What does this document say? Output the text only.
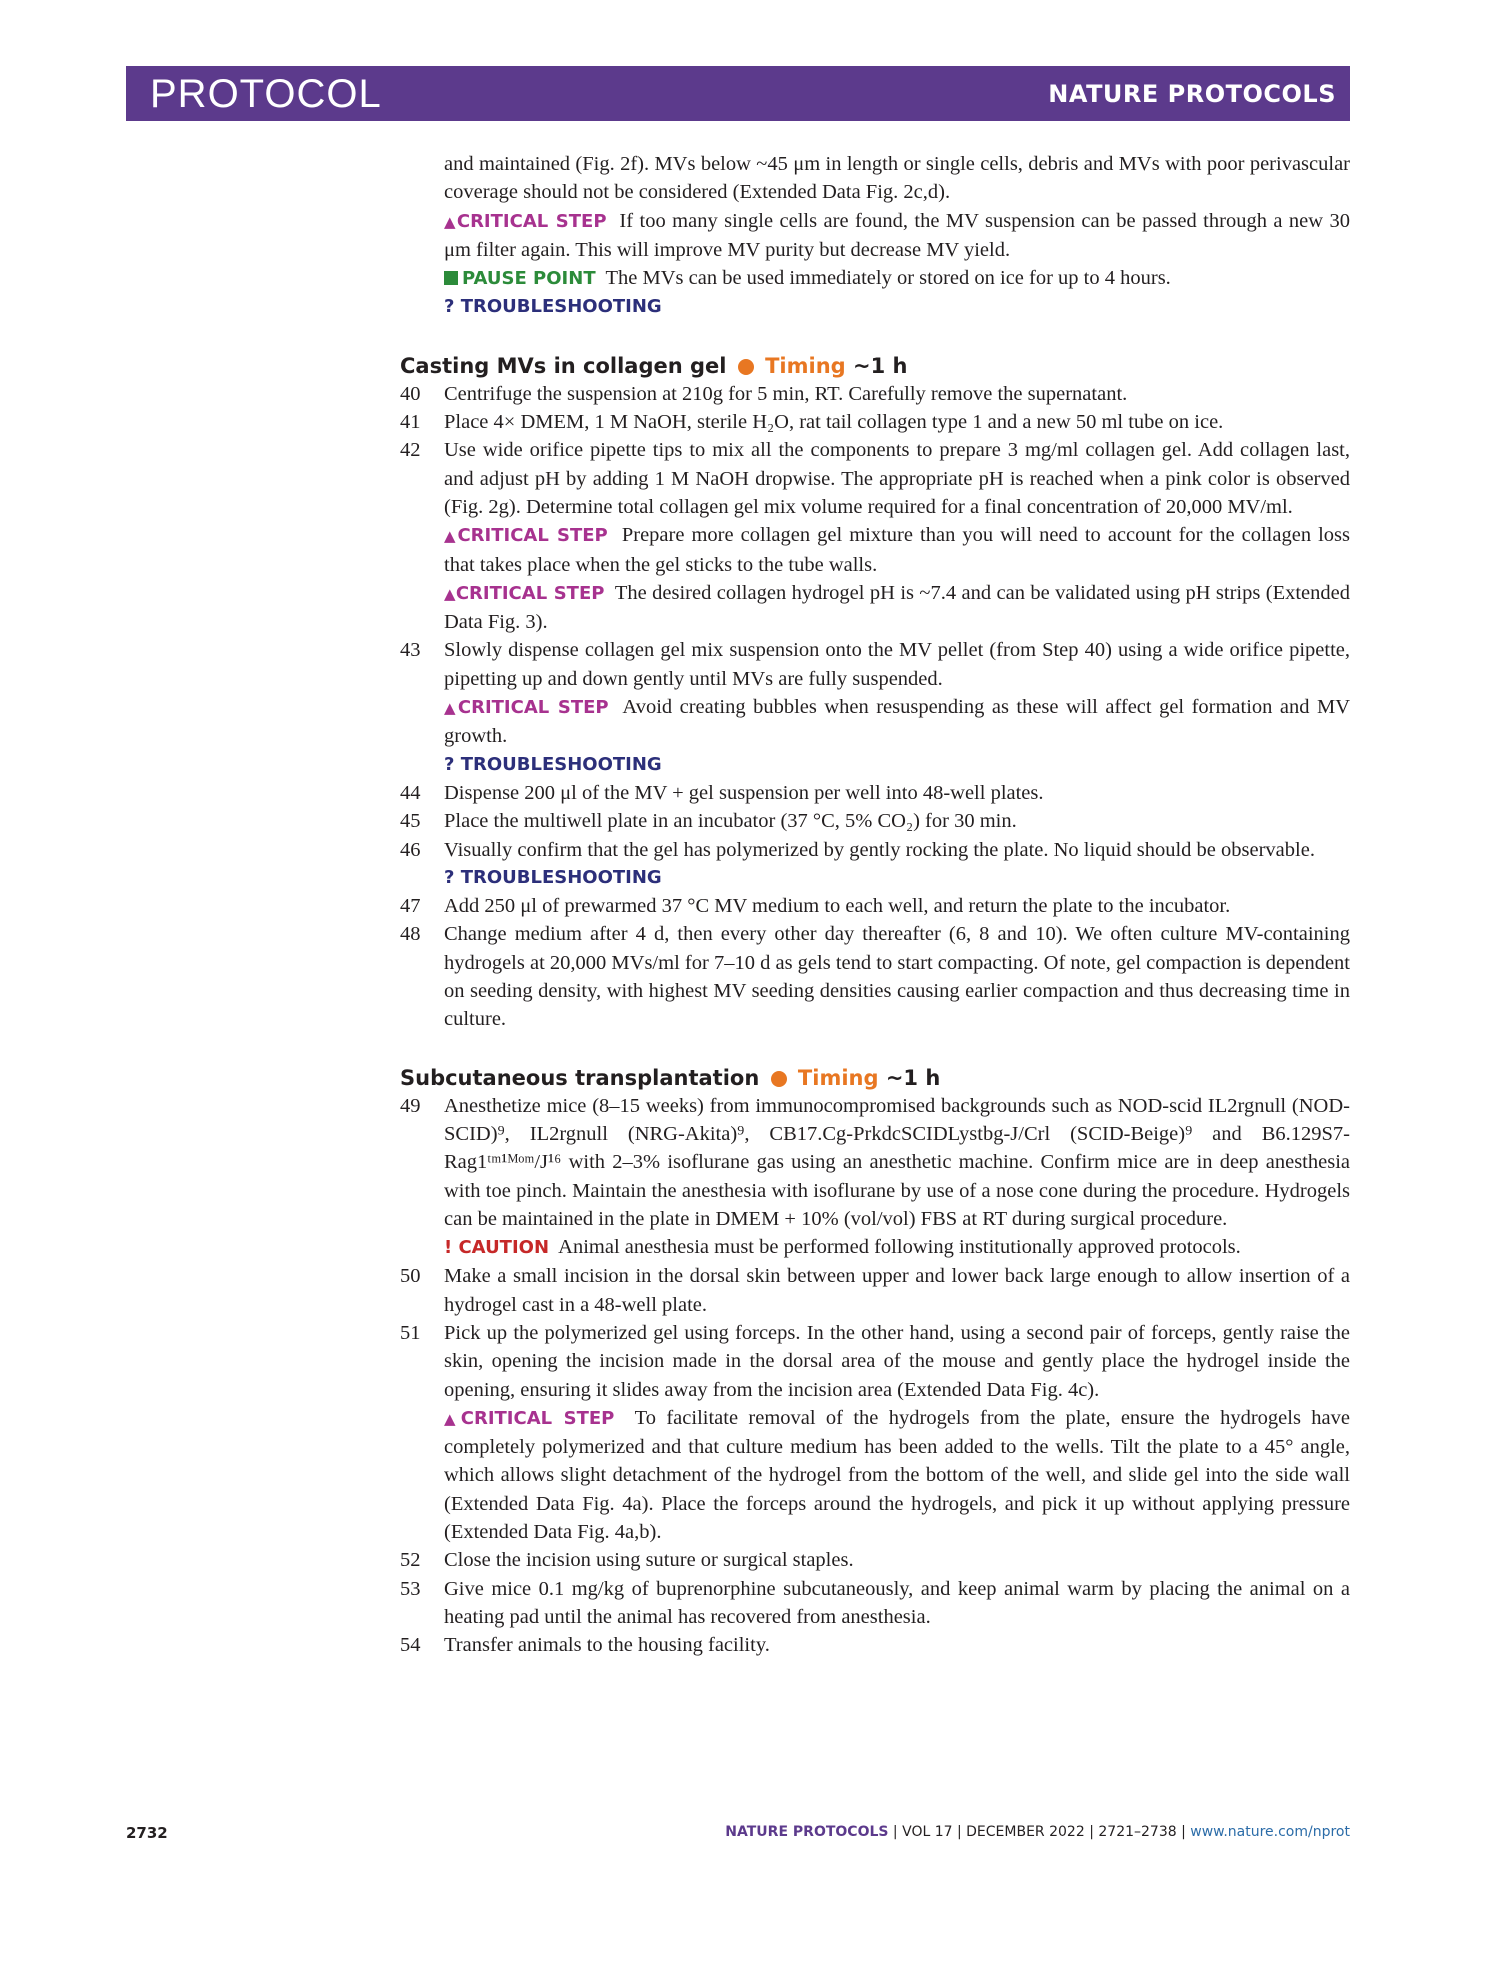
PROTOCOL	NATURE PROTOCOLS
and maintained (Fig. 2f). MVs below ~45 μm in length or single cells, debris and MVs with poor perivascular coverage should not be considered (Extended Data Fig. 2c,d).
▲CRITICAL STEP If too many single cells are found, the MV suspension can be passed through a new 30 μm filter again. This will improve MV purity but decrease MV yield.
PAUSE POINT The MVs can be used immediately or stored on ice for up to 4 hours.
? TROUBLESHOOTING
Casting MVs in collagen gel Timing ~1 h
40 Centrifuge the suspension at 210g for 5 min, RT. Carefully remove the supernatant.
41 Place 4× DMEM, 1 M NaOH, sterile H₂O, rat tail collagen type 1 and a new 50 ml tube on ice.
42 Use wide orifice pipette tips to mix all the components to prepare 3 mg/ml collagen gel. Add collagen last, and adjust pH by adding 1 M NaOH dropwise. The appropriate pH is reached when a pink color is observed (Fig. 2g). Determine total collagen gel mix volume required for a final concentration of 20,000 MV/ml.
▲CRITICAL STEP Prepare more collagen gel mixture than you will need to account for the collagen loss that takes place when the gel sticks to the tube walls.
▲CRITICAL STEP The desired collagen hydrogel pH is ~7.4 and can be validated using pH strips (Extended Data Fig. 3).
43 Slowly dispense collagen gel mix suspension onto the MV pellet (from Step 40) using a wide orifice pipette, pipetting up and down gently until MVs are fully suspended.
▲CRITICAL STEP Avoid creating bubbles when resuspending as these will affect gel formation and MV growth.
? TROUBLESHOOTING
44 Dispense 200 μl of the MV + gel suspension per well into 48-well plates.
45 Place the multiwell plate in an incubator (37 °C, 5% CO₂) for 30 min.
46 Visually confirm that the gel has polymerized by gently rocking the plate. No liquid should be observable.
? TROUBLESHOOTING
47 Add 250 μl of prewarmed 37 °C MV medium to each well, and return the plate to the incubator.
48 Change medium after 4 d, then every other day thereafter (6, 8 and 10). We often culture MV-containing hydrogels at 20,000 MVs/ml for 7–10 d as gels tend to start compacting. Of note, gel compaction is dependent on seeding density, with highest MV seeding densities causing earlier compaction and thus decreasing time in culture.
Subcutaneous transplantation Timing ~1 h
49 Anesthetize mice (8–15 weeks) from immunocompromised backgrounds such as NOD-scid IL2rgnull (NOD-SCID)⁹, IL2rgnull (NRG-Akita)⁹, CB17.Cg-PrkdcSCIDLystbg-J/Crl (SCID-Beige)⁹ and B6.129S7-Rag1ᵗᵐ¹ᴹᵒᵐ/J¹⁶ with 2–3% isoflurane gas using an anesthetic machine. Confirm mice are in deep anesthesia with toe pinch. Maintain the anesthesia with isoflurane by use of a nose cone during the procedure. Hydrogels can be maintained in the plate in DMEM + 10% (vol/vol) FBS at RT during surgical procedure.
! CAUTION Animal anesthesia must be performed following institutionally approved protocols.
50 Make a small incision in the dorsal skin between upper and lower back large enough to allow insertion of a hydrogel cast in a 48-well plate.
51 Pick up the polymerized gel using forceps. In the other hand, using a second pair of forceps, gently raise the skin, opening the incision made in the dorsal area of the mouse and gently place the hydrogel inside the opening, ensuring it slides away from the incision area (Extended Data Fig. 4c).
▲CRITICAL STEP To facilitate removal of the hydrogels from the plate, ensure the hydrogels have completely polymerized and that culture medium has been added to the wells. Tilt the plate to a 45° angle, which allows slight detachment of the hydrogel from the bottom of the well, and slide gel into the side wall (Extended Data Fig. 4a). Place the forceps around the hydrogels, and pick it up without applying pressure (Extended Data Fig. 4a,b).
52 Close the incision using suture or surgical staples.
53 Give mice 0.1 mg/kg of buprenorphine subcutaneously, and keep animal warm by placing the animal on a heating pad until the animal has recovered from anesthesia.
54 Transfer animals to the housing facility.
2732	NATURE PROTOCOLS | VOL 17 | DECEMBER 2022 | 2721–2738 | www.nature.com/nprot
